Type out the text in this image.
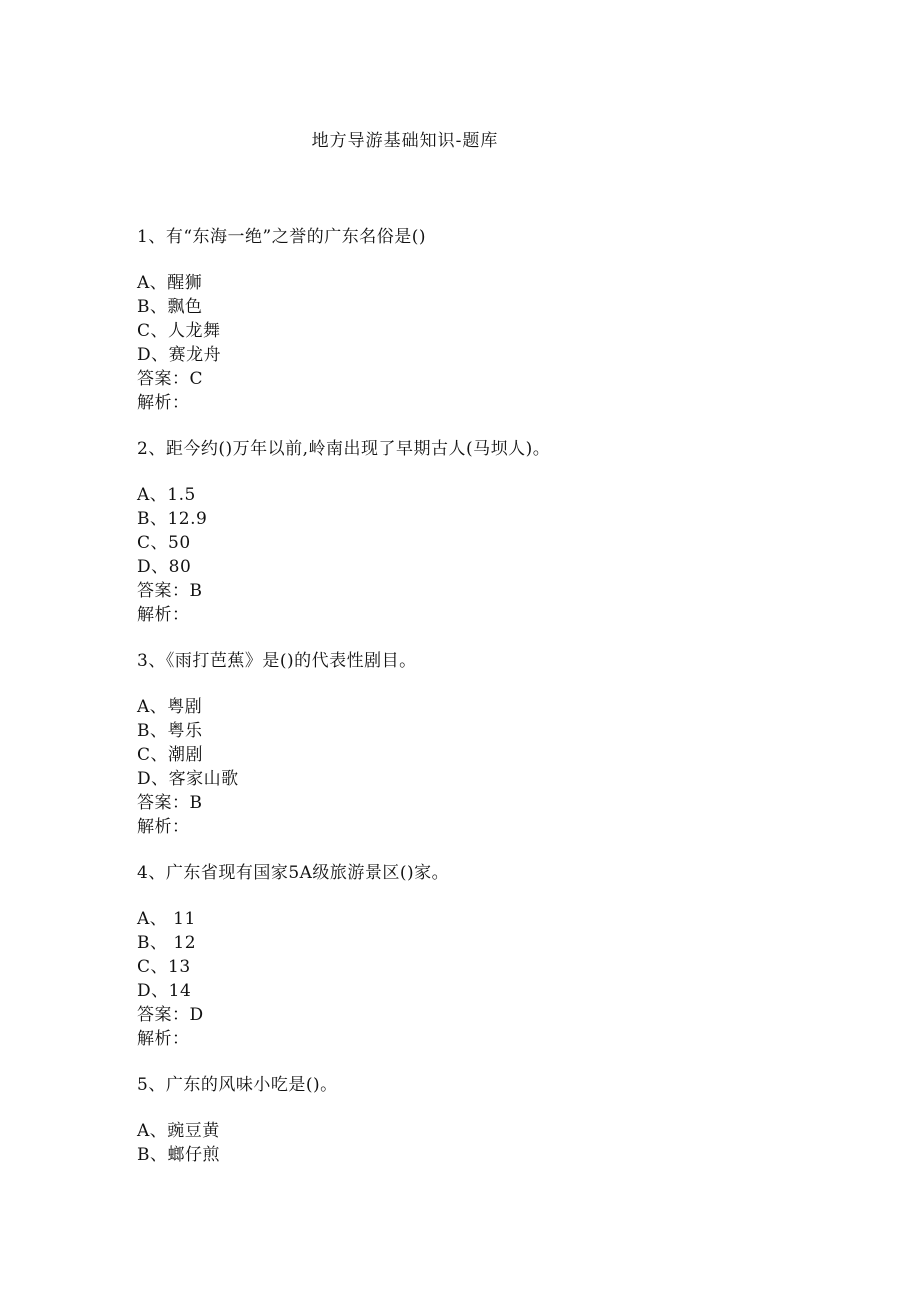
地方导游基础知识-题库
1、有“东海一绝”之誉的广东名俗是()
A、醒狮
B、飘色
C、人龙舞
D、赛龙舟
答案：C
解析：
2、距今约()万年以前,岭南出现了早期古人(马坝人)。
A、1.5
B、12.9
C、50
D、80
答案：B
解析：
3、《雨打芭蕉》是()的代表性剧目。
A、粤剧
B、粤乐
C、潮剧
D、客家山歌
答案：B
解析：
4、广东省现有国家5A级旅游景区()家。
A、 11
B、 12
C、13
D、14
答案：D
解析：
5、广东的风味小吃是()。
A、豌豆黄
B、螂仔煎
